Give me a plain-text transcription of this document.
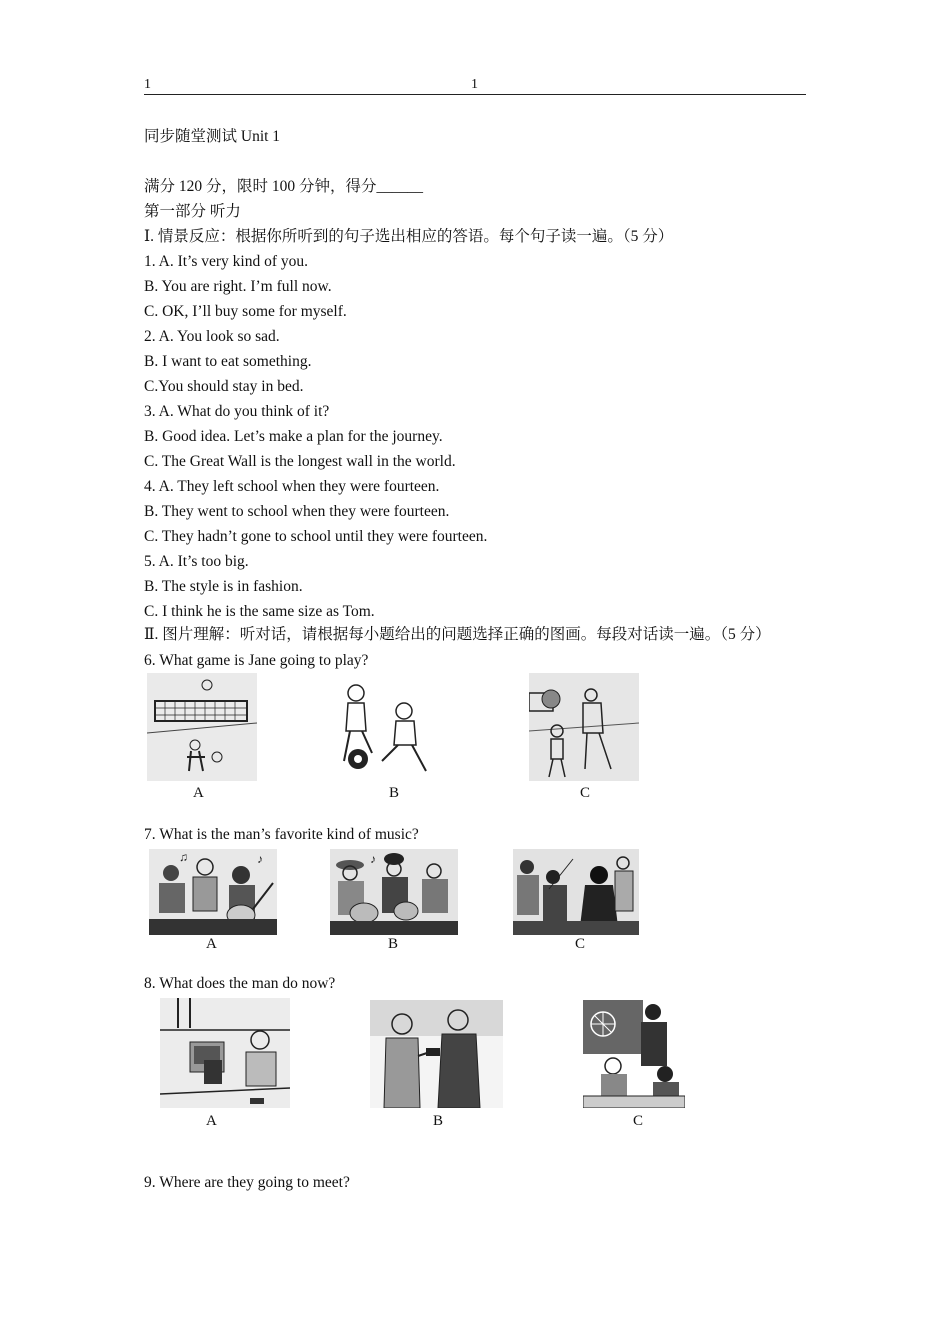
1	1
同步随堂测试 Unit 1
满分 120 分，限时 100 分钟，得分______
第一部分 听力
Ⅰ. 情景反应：根据你所听到的句子选出相应的答语。每个句子读一遍。（5 分）
1. A. It’s very kind of you.
B. You are right. I’m full now.
C. OK, I’ll buy some for myself.
2. A. You look so sad.
B. I want to eat something.
C.You should stay in bed.
3. A. What do you think of it?
B. Good idea. Let’s make a plan for the journey.
C. The Great Wall is the longest wall in the world.
4. A. They left school when they were fourteen.
B. They went to school when they were fourteen.
C. They hadn’t gone to school until they were fourteen.
5. A. It’s too big.
B. The style is in fashion.
C. I think he is the same size as Tom.
Ⅱ. 图片理解：听对话，请根据每小题给出的问题选择正确的图画。每段对话读一遍。（5 分）
6. What game is Jane going to play?
A	B	C
7. What is the man’s favorite kind of music?
♪
♫
A
♪
B	C
8. What does the man do now?
A	B	C
9. Where are they going to meet?
